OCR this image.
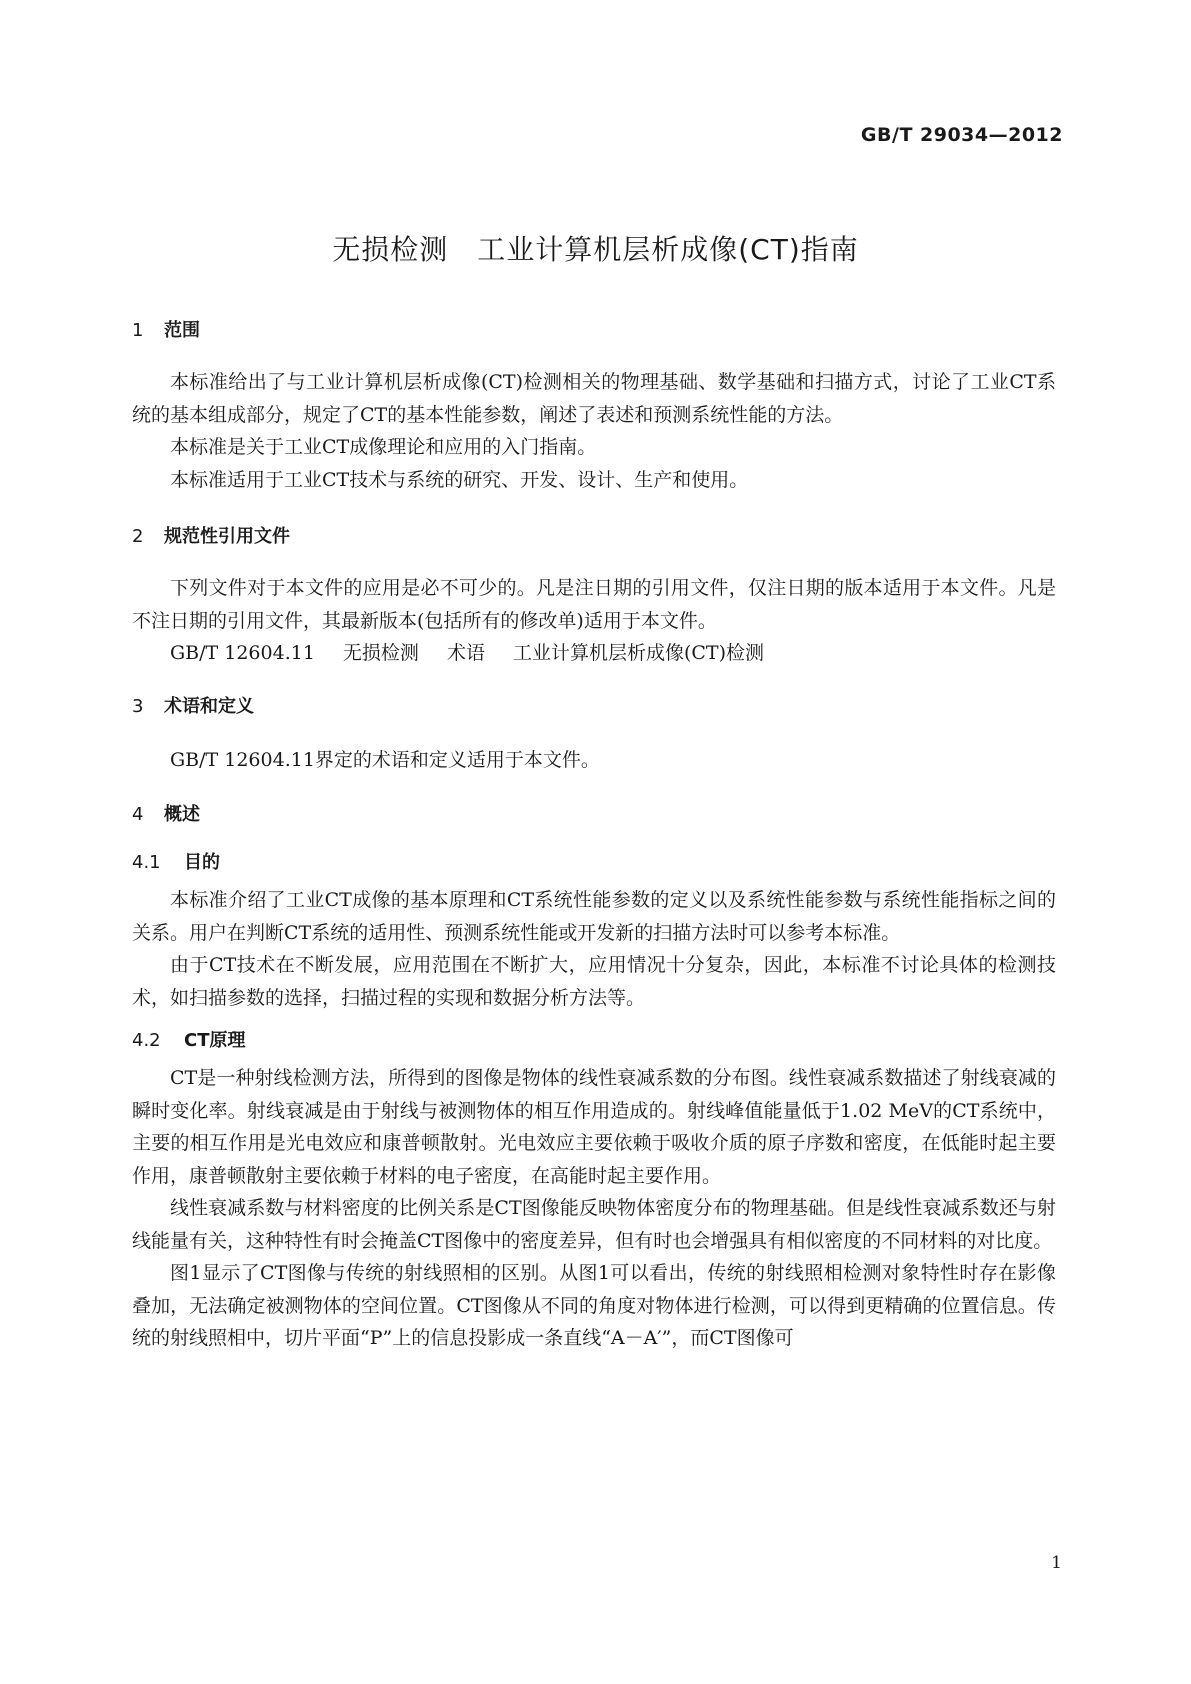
GB/T 29034—2012
无损检测　工业计算机层析成像(CT)指南
1	范围

本标准给出了与工业计算机层析成像(CT)检测相关的物理基础、数学基础和扫描方式，讨论了工业CT系统的基本组成部分，规定了CT的基本性能参数，阐述了表述和预测系统性能的方法。

本标准是关于工业CT成像理论和应用的入门指南。

本标准适用于工业CT技术与系统的研究、开发、设计、生产和使用。

2	规范性引用文件

下列文件对于本文件的应用是必不可少的。凡是注日期的引用文件，仅注日期的版本适用于本文件。凡是不注日期的引用文件，其最新版本(包括所有的修改单)适用于本文件。

GB/T 12604.11 无损检测 术语 工业计算机层析成像(CT)检测

3	术语和定义

GB/T 12604.11界定的术语和定义适用于本文件。

4	概述
4.1	目的

本标准介绍了工业CT成像的基本原理和CT系统性能参数的定义以及系统性能参数与系统性能指标之间的关系。用户在判断CT系统的适用性、预测系统性能或开发新的扫描方法时可以参考本标准。

由于CT技术在不断发展，应用范围在不断扩大，应用情况十分复杂，因此，本标准不讨论具体的检测技术，如扫描参数的选择，扫描过程的实现和数据分析方法等。

4.2	CT原理

CT是一种射线检测方法，所得到的图像是物体的线性衰减系数的分布图。线性衰减系数描述了射线衰减的瞬时变化率。射线衰减是由于射线与被测物体的相互作用造成的。射线峰值能量低于1.02 MeV的CT系统中，主要的相互作用是光电效应和康普顿散射。光电效应主要依赖于吸收介质的原子序数和密度，在低能时起主要作用，康普顿散射主要依赖于材料的电子密度，在高能时起主要作用。

线性衰减系数与材料密度的比例关系是CT图像能反映物体密度分布的物理基础。但是线性衰减系数还与射线能量有关，这种特性有时会掩盖CT图像中的密度差异，但有时也会增强具有相似密度的不同材料的对比度。

图1显示了CT图像与传统的射线照相的区别。从图1可以看出，传统的射线照相检测对象特性时存在影像叠加，无法确定被测物体的空间位置。CT图像从不同的角度对物体进行检测，可以得到更精确的位置信息。传统的射线照相中，切片平面“P”上的信息投影成一条直线“A－A′”，而CT图像可

1
